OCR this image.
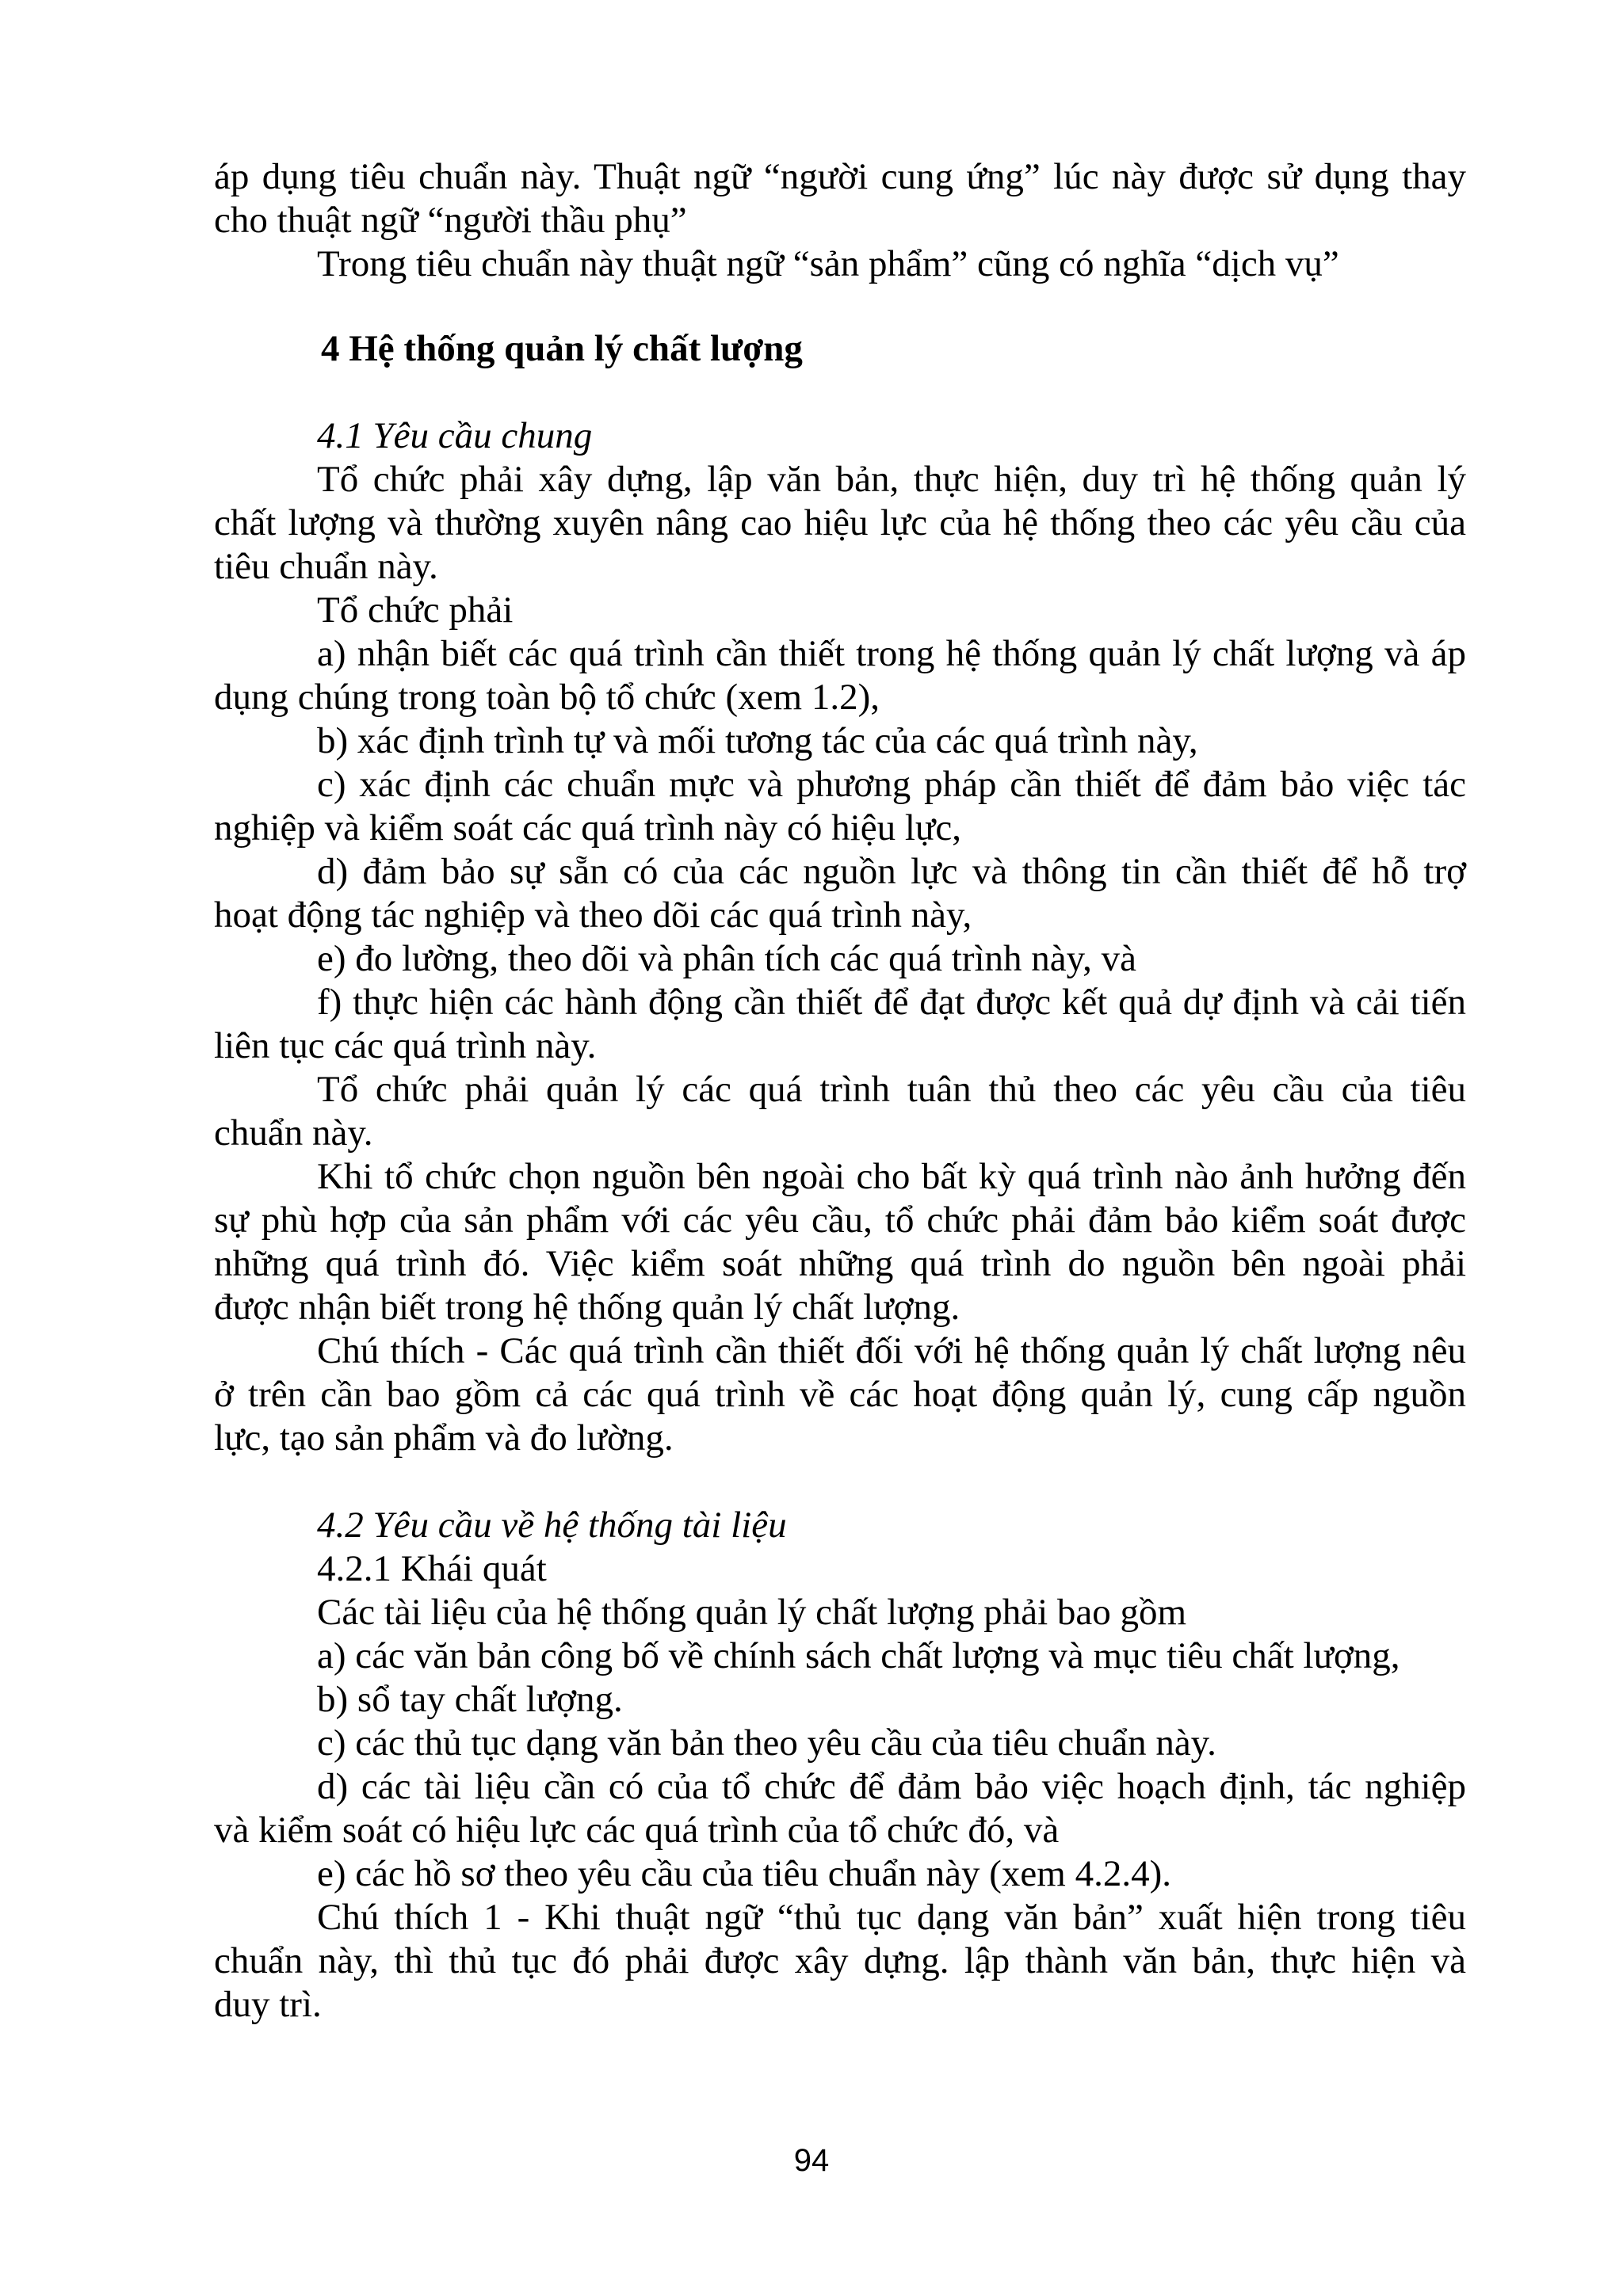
áp dụng tiêu chuẩn này. Thuật ngữ “người cung ứng” lúc này được sử dụng thay
cho thuật ngữ “người thầu phụ”
Trong tiêu chuẩn này thuật ngữ “sản phẩm” cũng có nghĩa “dịch vụ”
4 Hệ thống quản lý chất lượng
4.1 Yêu cầu chung
Tổ chức phải xây dựng, lập văn bản, thực hiện, duy trì hệ thống quản lý
chất lượng và thường xuyên nâng cao hiệu lực của hệ thống theo các yêu cầu của
tiêu chuẩn này.
Tổ chức phải
a) nhận biết các quá trình cần thiết trong hệ thống quản lý chất lượng và áp
dụng chúng trong toàn bộ tổ chức (xem 1.2),
b) xác định trình tự và mối tương tác của các quá trình này,
c) xác định các chuẩn mực và phương pháp cần thiết để đảm bảo việc tác
nghiệp và kiểm soát các quá trình này có hiệu lực,
d) đảm bảo sự sẵn có của các nguồn lực và thông tin cần thiết để hỗ trợ
hoạt động tác nghiệp và theo dõi các quá trình này,
e) đo lường, theo dõi và phân tích các quá trình này, và
f) thực hiện các hành động cần thiết để đạt được kết quả dự định và cải tiến
liên tục các quá trình này.
Tổ chức phải quản lý các quá trình tuân thủ theo các yêu cầu của tiêu
chuẩn này.
Khi tổ chức chọn nguồn bên ngoài cho bất kỳ quá trình nào ảnh hưởng đến
sự phù hợp của sản phẩm với các yêu cầu, tổ chức phải đảm bảo kiểm soát được
những quá trình đó. Việc kiểm soát những quá trình do nguồn bên ngoài phải
được nhận biết trong hệ thống quản lý chất lượng.
Chú thích - Các quá trình cần thiết đối với hệ thống quản lý chất lượng nêu
ở trên cần bao gồm cả các quá trình về các hoạt động quản lý, cung cấp nguồn
lực, tạo sản phẩm và đo lường.
4.2 Yêu cầu về hệ thống tài liệu
4.2.1 Khái quát
Các tài liệu của hệ thống quản lý chất lượng phải bao gồm
a) các văn bản công bố về chính sách chất lượng và mục tiêu chất lượng,
b) sổ tay chất lượng.
c) các thủ tục dạng văn bản theo yêu cầu của tiêu chuẩn này.
d) các tài liệu cần có của tổ chức để đảm bảo việc hoạch định, tác nghiệp
và kiểm soát có hiệu lực các quá trình của tổ chức đó, và
e) các hồ sơ theo yêu cầu của tiêu chuẩn này (xem 4.2.4).
Chú thích 1 - Khi thuật ngữ “thủ tục dạng văn bản” xuất hiện trong tiêu
chuẩn này, thì thủ tục đó phải được xây dựng. lập thành văn bản, thực hiện và
duy trì.
94
